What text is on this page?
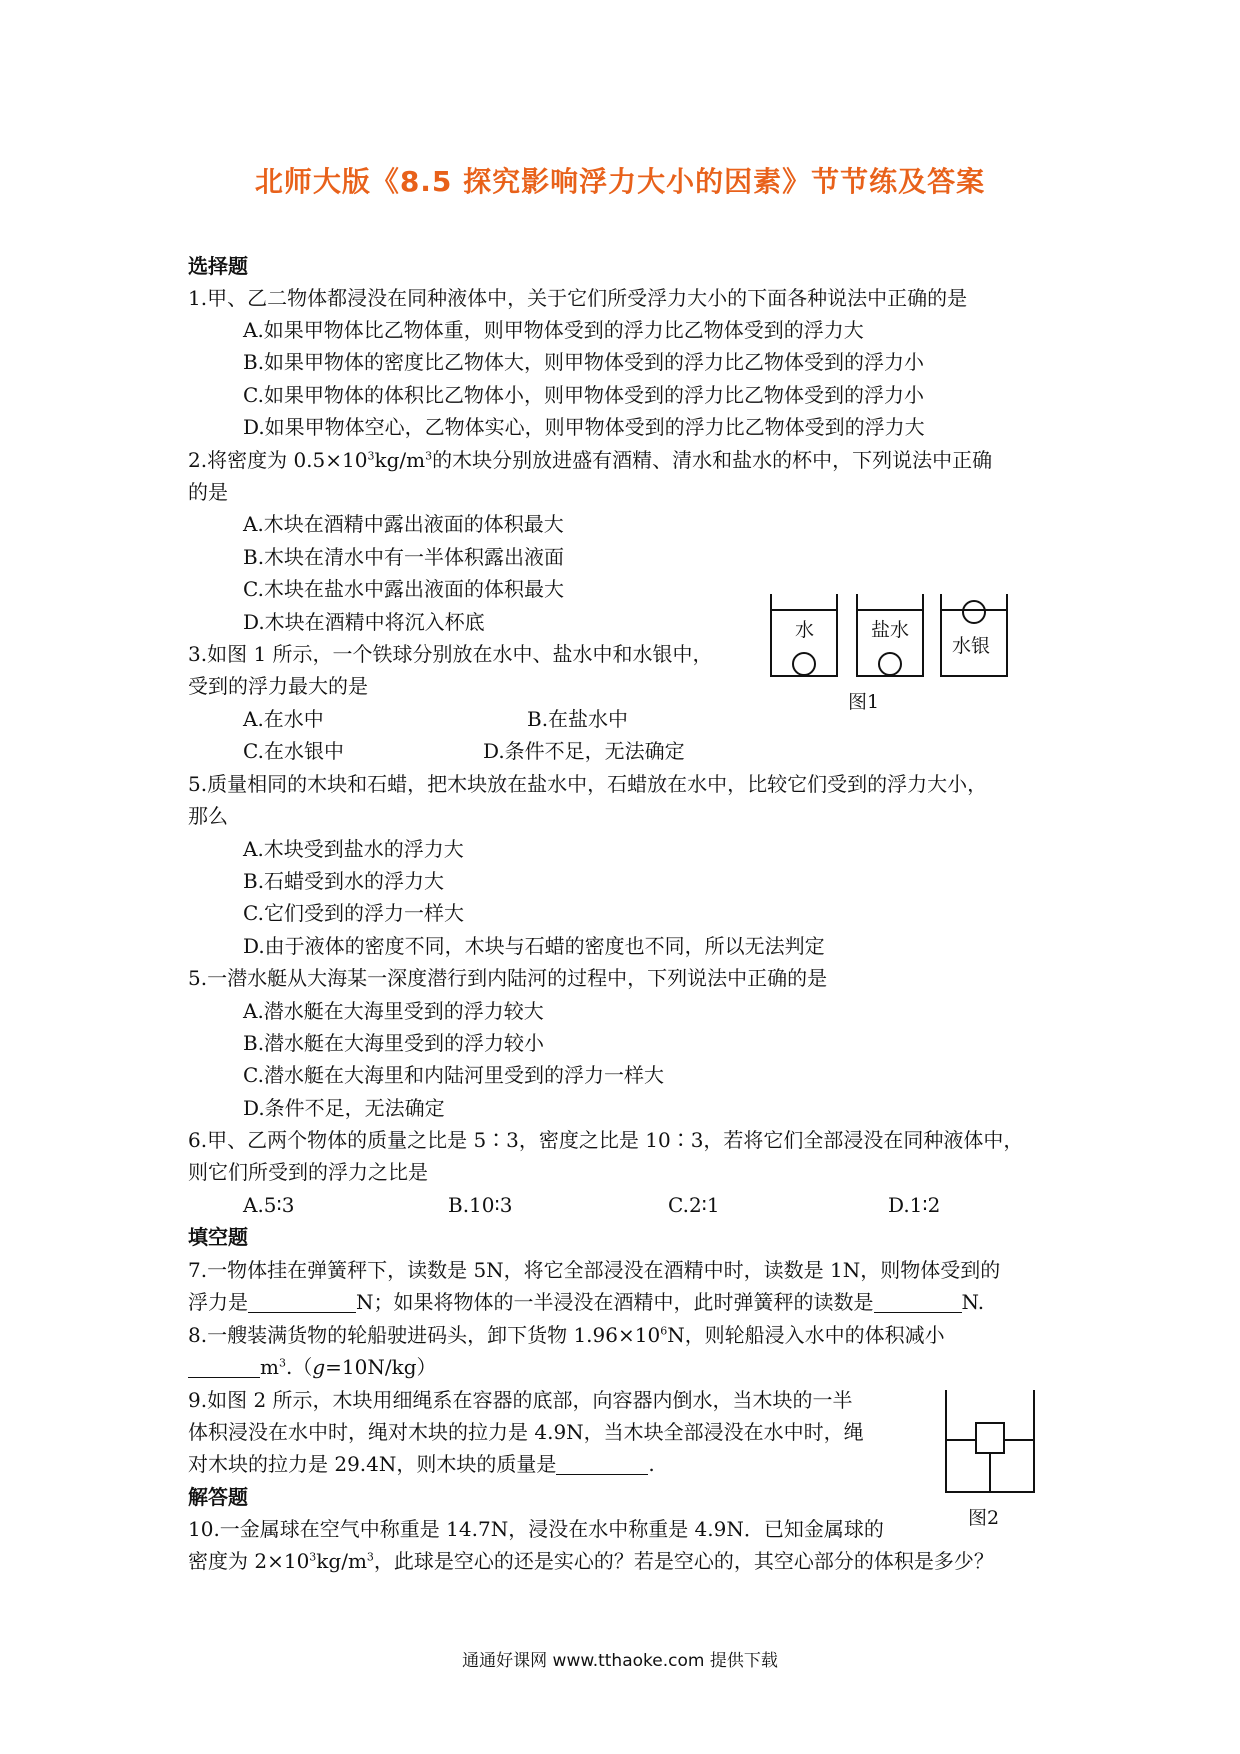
北师大版《8.5 探究影响浮力大小的因素》节节练及答案
选择题
1.甲、乙二物体都浸没在同种液体中，关于它们所受浮力大小的下面各种说法中正确的是
A.如果甲物体比乙物体重，则甲物体受到的浮力比乙物体受到的浮力大
B.如果甲物体的密度比乙物体大，则甲物体受到的浮力比乙物体受到的浮力小
C.如果甲物体的体积比乙物体小，则甲物体受到的浮力比乙物体受到的浮力小
D.如果甲物体空心，乙物体实心，则甲物体受到的浮力比乙物体受到的浮力大
2.将密度为 $0.5\times 10^3kg/m^3$的木块分别放进盛有酒精、清水和盐水的杯中，下列说法中正确
的是
A.木块在酒精中露出液面的体积最大
B.木块在清水中有一半体积露出液面
C.木块在盐水中露出液面的体积最大
D.木块在酒精中将沉入杯底
3.如图 1 所示，一个铁球分别放在水中、盐水中和水银中，
受到的浮力最大的是
A.在水中	B.在盐水中
C.在水银中	D.条件不足，无法确定
水	盐水
水银
图1
5.质量相同的木块和石蜡，把木块放在盐水中，石蜡放在水中，比较它们受到的浮力大小，
那么
A.木块受到盐水的浮力大
B.石蜡受到水的浮力大
C.它们受到的浮力一样大
D.由于液体的密度不同，木块与石蜡的密度也不同，所以无法判定
5.一潜水艇从大海某一深度潜行到内陆河的过程中，下列说法中正确的是
A.潜水艇在大海里受到的浮力较大
B.潜水艇在大海里受到的浮力较小
C.潜水艇在大海里和内陆河里受到的浮力一样大
D.条件不足，无法确定
6.甲、乙两个物体的质量之比是 5∶3，密度之比是 10∶3，若将它们全部浸没在同种液体中，
则它们所受到的浮力之比是
A.5∶3	B.10∶3	C.2∶1	D.1∶2
填空题
7.一物体挂在弹簧秤下，读数是 5N，将它全部浸没在酒精中时，读数是 1N，则物体受到的
浮力是	N；如果将物体的一半浸没在酒精中，此时弹簧秤的读数是	N.
8.一艘装满货物的轮船驶进码头，卸下货物 $1.96\times 10^6N$，则轮船浸入水中的体积减小
$m^3.(g=10N/kg)$
9.如图 2 所示，木块用细绳系在容器的底部，向容器内倒水，当木块的一半
体积浸没在水中时，绳对木块的拉力是 4.9N，当木块全部浸没在水中时，绳
对木块的拉力是 29.4N，则木块的质量是	.
图2
解答题
10.一金属球在空气中称重是 14.7N，浸没在水中称重是 4.9N．已知金属球的
密度为 $2\times 10^3kg/m^3$，此球是空心的还是实心的？若是空心的，其空心部分的体积是多少？
通通好课网 www.tthaoke.com 提供下载
